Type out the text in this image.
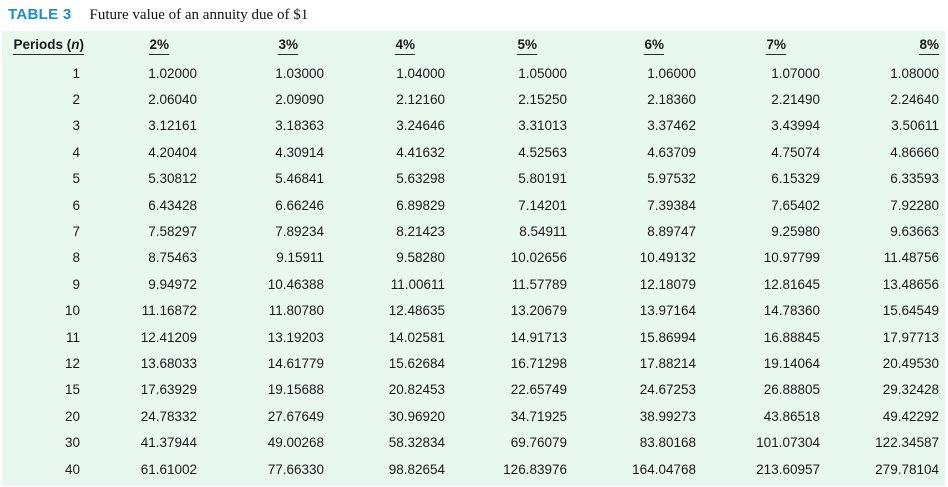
TABLE 3 Future value of an annuity due of $1
Periods (n)	2%	3%	4%	5%	6%	7%	8%
1	1.02000	1.03000	1.04000	1.05000	1.06000	1.07000	1.08000
2	2.06040	2.09090	2.12160	2.15250	2.18360	2.21490	2.24640
3	3.12161	3.18363	3.24646	3.31013	3.37462	3.43994	3.50611
4	4.20404	4.30914	4.41632	4.52563	4.63709	4.75074	4.86660
5	5.30812	5.46841	5.63298	5.80191	5.97532	6.15329	6.33593
6	6.43428	6.66246	6.89829	7.14201	7.39384	7.65402	7.92280
7	7.58297	7.89234	8.21423	8.54911	8.89747	9.25980	9.63663
8	8.75463	9.15911	9.58280	10.02656	10.49132	10.97799	11.48756
9	9.94972	10.46388	11.00611	11.57789	12.18079	12.81645	13.48656
10	11.16872	11.80780	12.48635	13.20679	13.97164	14.78360	15.64549
11	12.41209	13.19203	14.02581	14.91713	15.86994	16.88845	17.97713
12	13.68033	14.61779	15.62684	16.71298	17.88214	19.14064	20.49530
15	17.63929	19.15688	20.82453	22.65749	24.67253	26.88805	29.32428
20	24.78332	27.67649	30.96920	34.71925	38.99273	43.86518	49.42292
30	41.37944	49.00268	58.32834	69.76079	83.80168	101.07304	122.34587
40	61.61002	77.66330	98.82654	126.83976	164.04768	213.60957	279.78104
